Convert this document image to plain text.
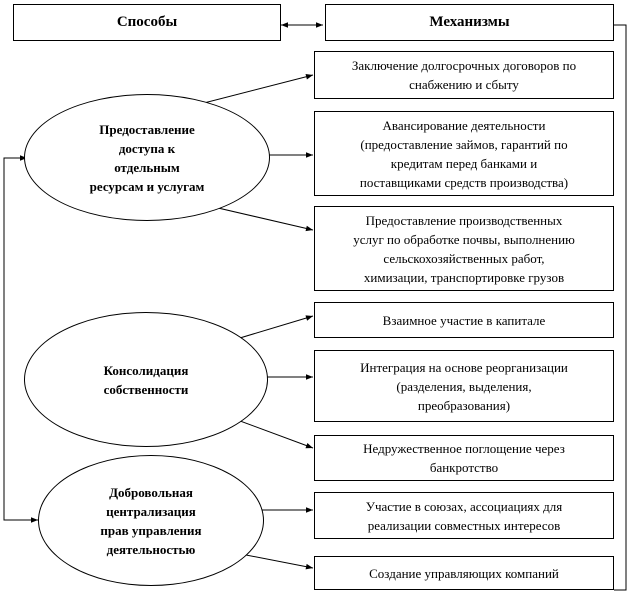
Способы	Механизмы
Предоставление
доступа к
отдельным
ресурсам и услугам
Консолидация
собственности
Добровольная
централизация
прав управления
деятельностью
Заключение долгосрочных договоров по
снабжению и сбыту
Авансирование деятельности
(предоставление займов, гарантий по
кредитам перед банками и
поставщиками средств производства)
Предоставление производственных
услуг по обработке почвы, выполнению
сельскохозяйственных работ,
химизации, транспортировке грузов
Взаимное участие в капитале
Интеграция на основе реорганизации
(разделения, выделения,
преобразования)
Недружественное поглощение через
банкротство
Участие в союзах, ассоциациях для
реализации совместных интересов
Создание управляющих компаний
